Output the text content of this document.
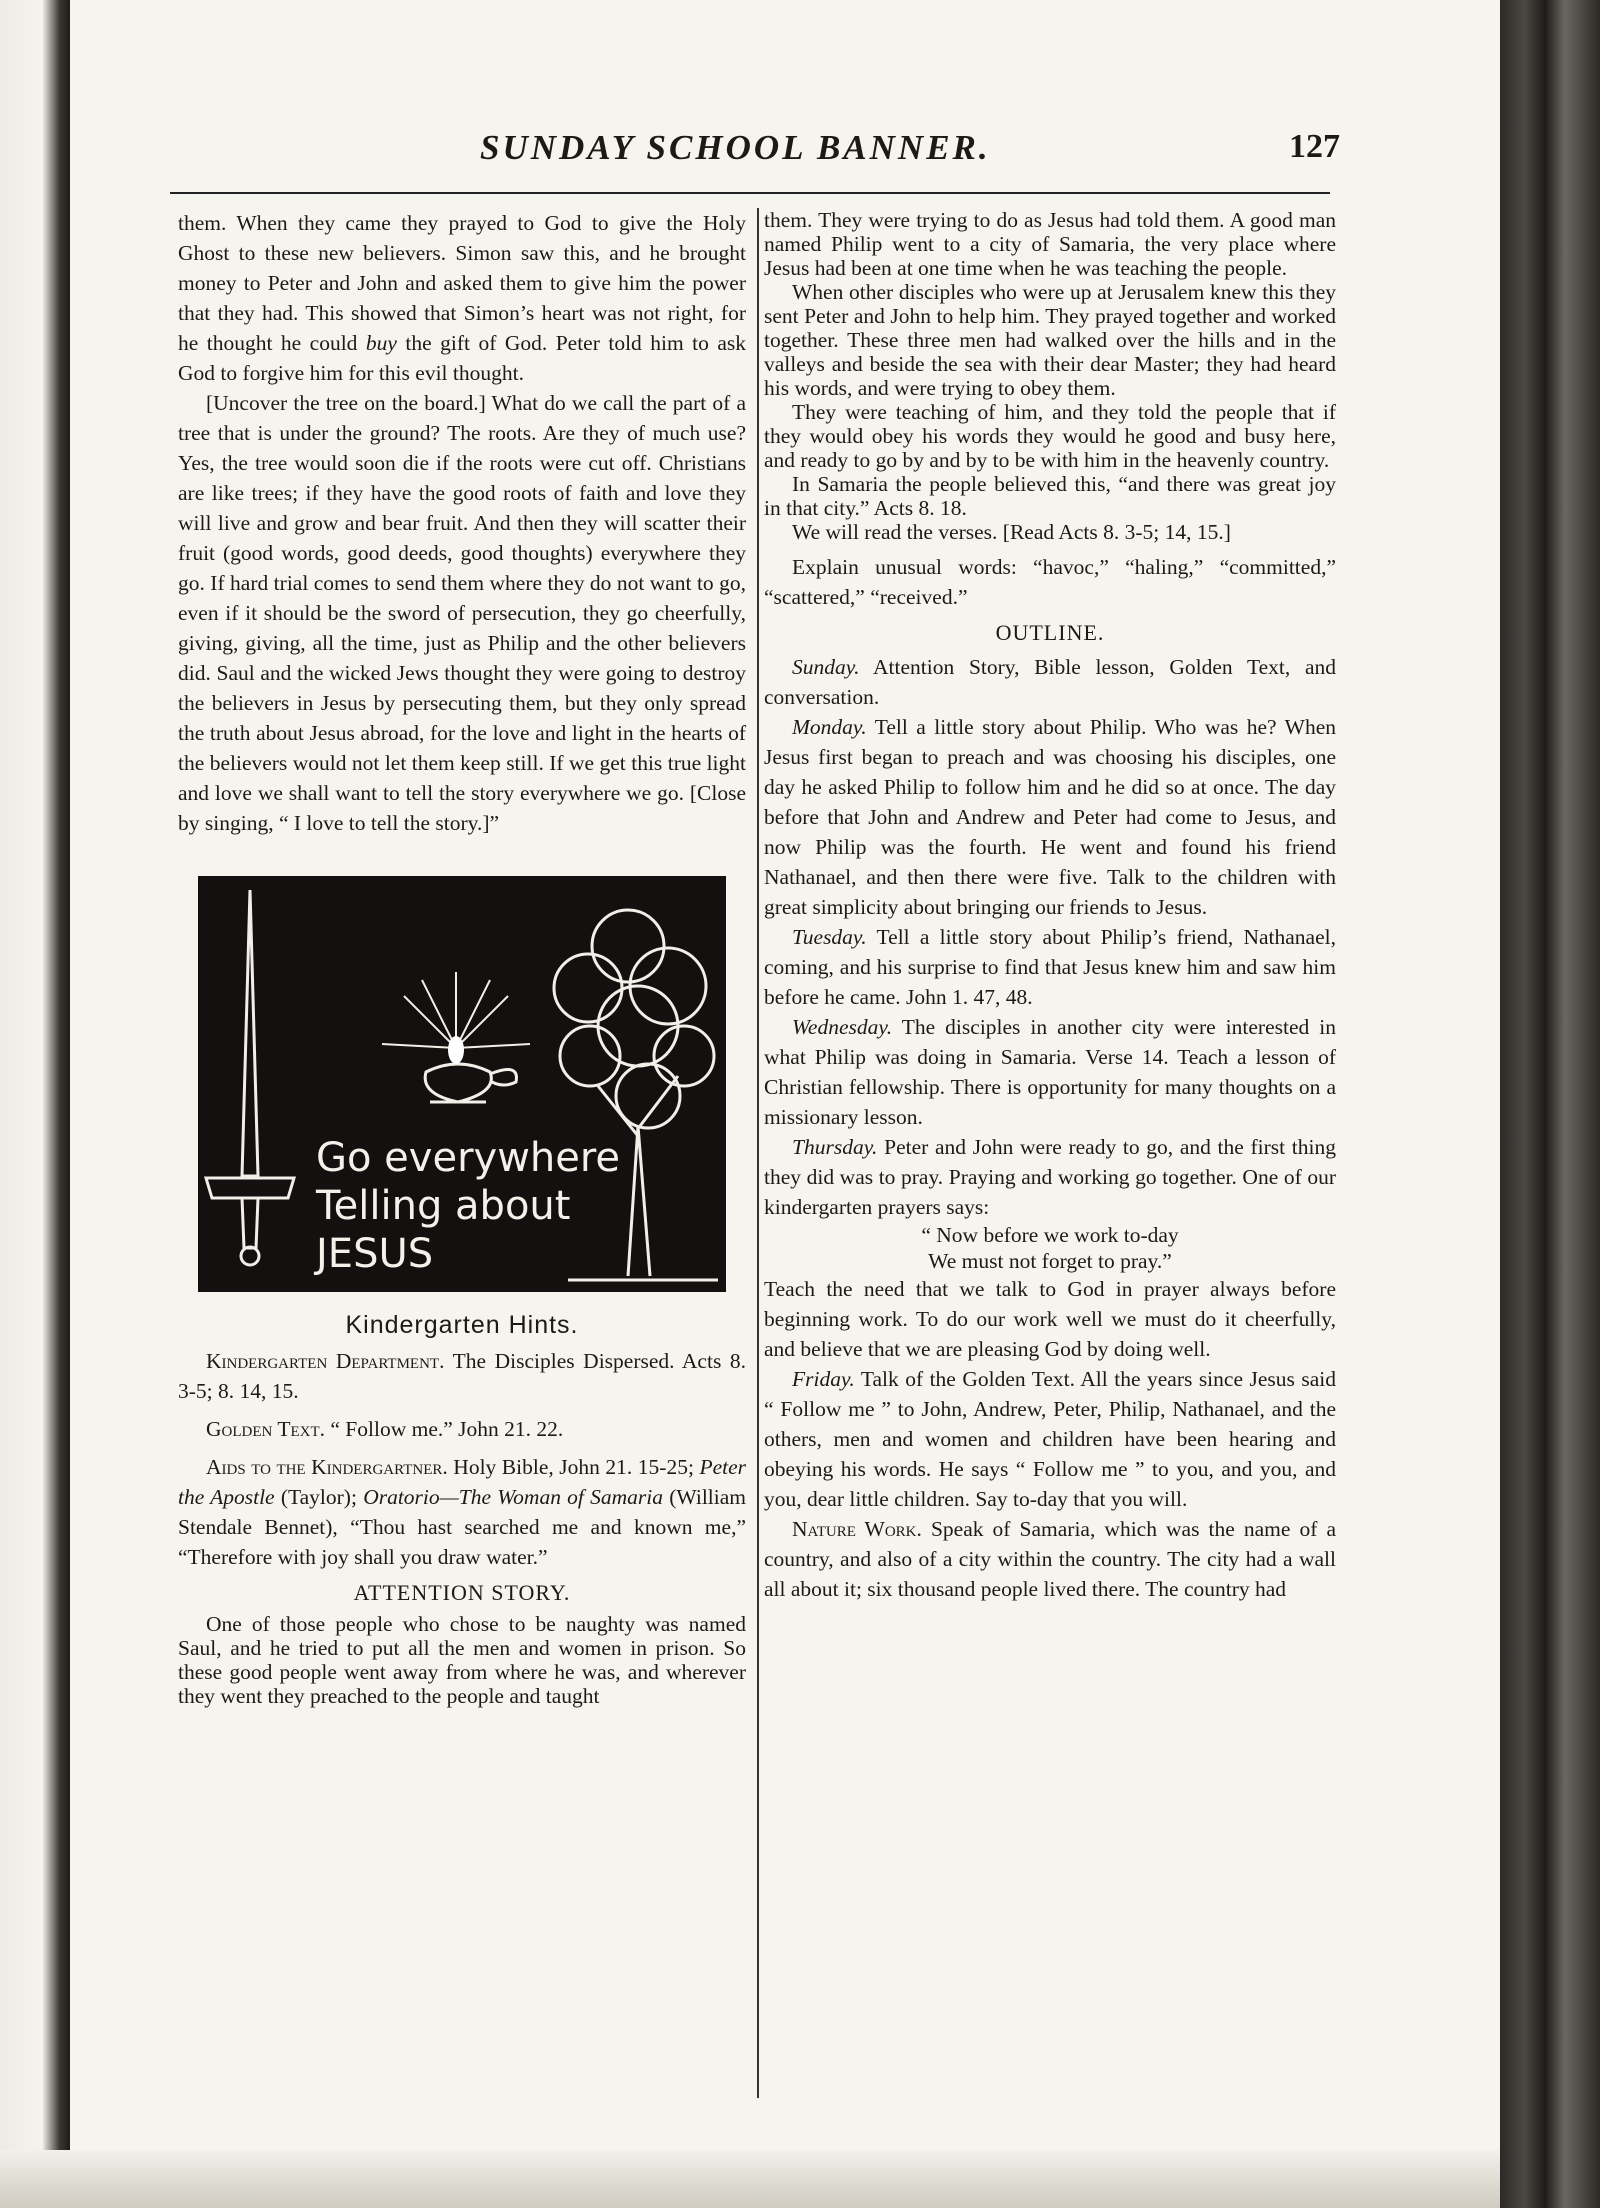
SUNDAY SCHOOL BANNER.	127

them. When they came they prayed to God to give the Holy Ghost to these new believers. Simon saw this, and he brought money to Peter and John and asked them to give him the power that they had. This showed that Simon’s heart was not right, for he thought he could buy the gift of God. Peter told him to ask God to forgive him for this evil thought.

[Uncover the tree on the board.] What do we call the part of a tree that is under the ground? The roots. Are they of much use? Yes, the tree would soon die if the roots were cut off. Christians are like trees; if they have the good roots of faith and love they will live and grow and bear fruit. And then they will scatter their fruit (good words, good deeds, good thoughts) everywhere they go. If hard trial comes to send them where they do not want to go, even if it should be the sword of persecution, they go cheerfully, giving, giving, all the time, just as Philip and the other believers did. Saul and the wicked Jews thought they were going to destroy the believers in Jesus by persecuting them, but they only spread the truth about Jesus abroad, for the love and light in the hearts of the believers would not let them keep still. If we get this true light and love we shall want to tell the story everywhere we go. [Close by singing, “ I love to tell the story.]”

Go everywhere
Telling about
JESUS

Kindergarten Hints.

Kindergarten Department. The Disciples Dispersed. Acts 8. 3-5; 8. 14, 15.

Golden Text. “ Follow me.” John 21. 22.

Aids to the Kindergartner. Holy Bible, John 21. 15-25; Peter the Apostle (Taylor); Oratorio—The Woman of Samaria (William Stendale Bennet), “Thou hast searched me and known me,” “Therefore with joy shall you draw water.”

ATTENTION STORY.

One of those people who chose to be naughty was named Saul, and he tried to put all the men and women in prison. So these good people went away from where he was, and wherever they went they preached to the people and taught

them. They were trying to do as Jesus had told them. A good man named Philip went to a city of Samaria, the very place where Jesus had been at one time when he was teaching the people.

When other disciples who were up at Jerusalem knew this they sent Peter and John to help him. They prayed together and worked together. These three men had walked over the hills and in the valleys and beside the sea with their dear Master; they had heard his words, and were trying to obey them.

They were teaching of him, and they told the people that if they would obey his words they would he good and busy here, and ready to go by and by to be with him in the heavenly country.

In Samaria the people believed this, “and there was great joy in that city.” Acts 8. 18.

We will read the verses. [Read Acts 8. 3-5; 14, 15.]

Explain unusual words: “havoc,” “haling,” “committed,” “scattered,” “received.”

OUTLINE.

Sunday. Attention Story, Bible lesson, Golden Text, and conversation.

Monday. Tell a little story about Philip. Who was he? When Jesus first began to preach and was choosing his disciples, one day he asked Philip to follow him and he did so at once. The day before that John and Andrew and Peter had come to Jesus, and now Philip was the fourth. He went and found his friend Nathanael, and then there were five. Talk to the children with great simplicity about bringing our friends to Jesus.

Tuesday. Tell a little story about Philip’s friend, Nathanael, coming, and his surprise to find that Jesus knew him and saw him before he came. John 1. 47, 48.

Wednesday. The disciples in another city were interested in what Philip was doing in Samaria. Verse 14. Teach a lesson of Christian fellowship. There is opportunity for many thoughts on a missionary lesson.

Thursday. Peter and John were ready to go, and the first thing they did was to pray. Praying and working go together. One of our kindergarten prayers says:

“ Now before we work to-day
We must not forget to pray.”

Teach the need that we talk to God in prayer always before beginning work. To do our work well we must do it cheerfully, and believe that we are pleasing God by doing well.

Friday. Talk of the Golden Text. All the years since Jesus said “ Follow me ” to John, Andrew, Peter, Philip, Nathanael, and the others, men and women and children have been hearing and obeying his words. He says “ Follow me ” to you, and you, and you, dear little children. Say to-day that you will.

Nature Work. Speak of Samaria, which was the name of a country, and also of a city within the country. The city had a wall all about it; six thousand people lived there. The country had
